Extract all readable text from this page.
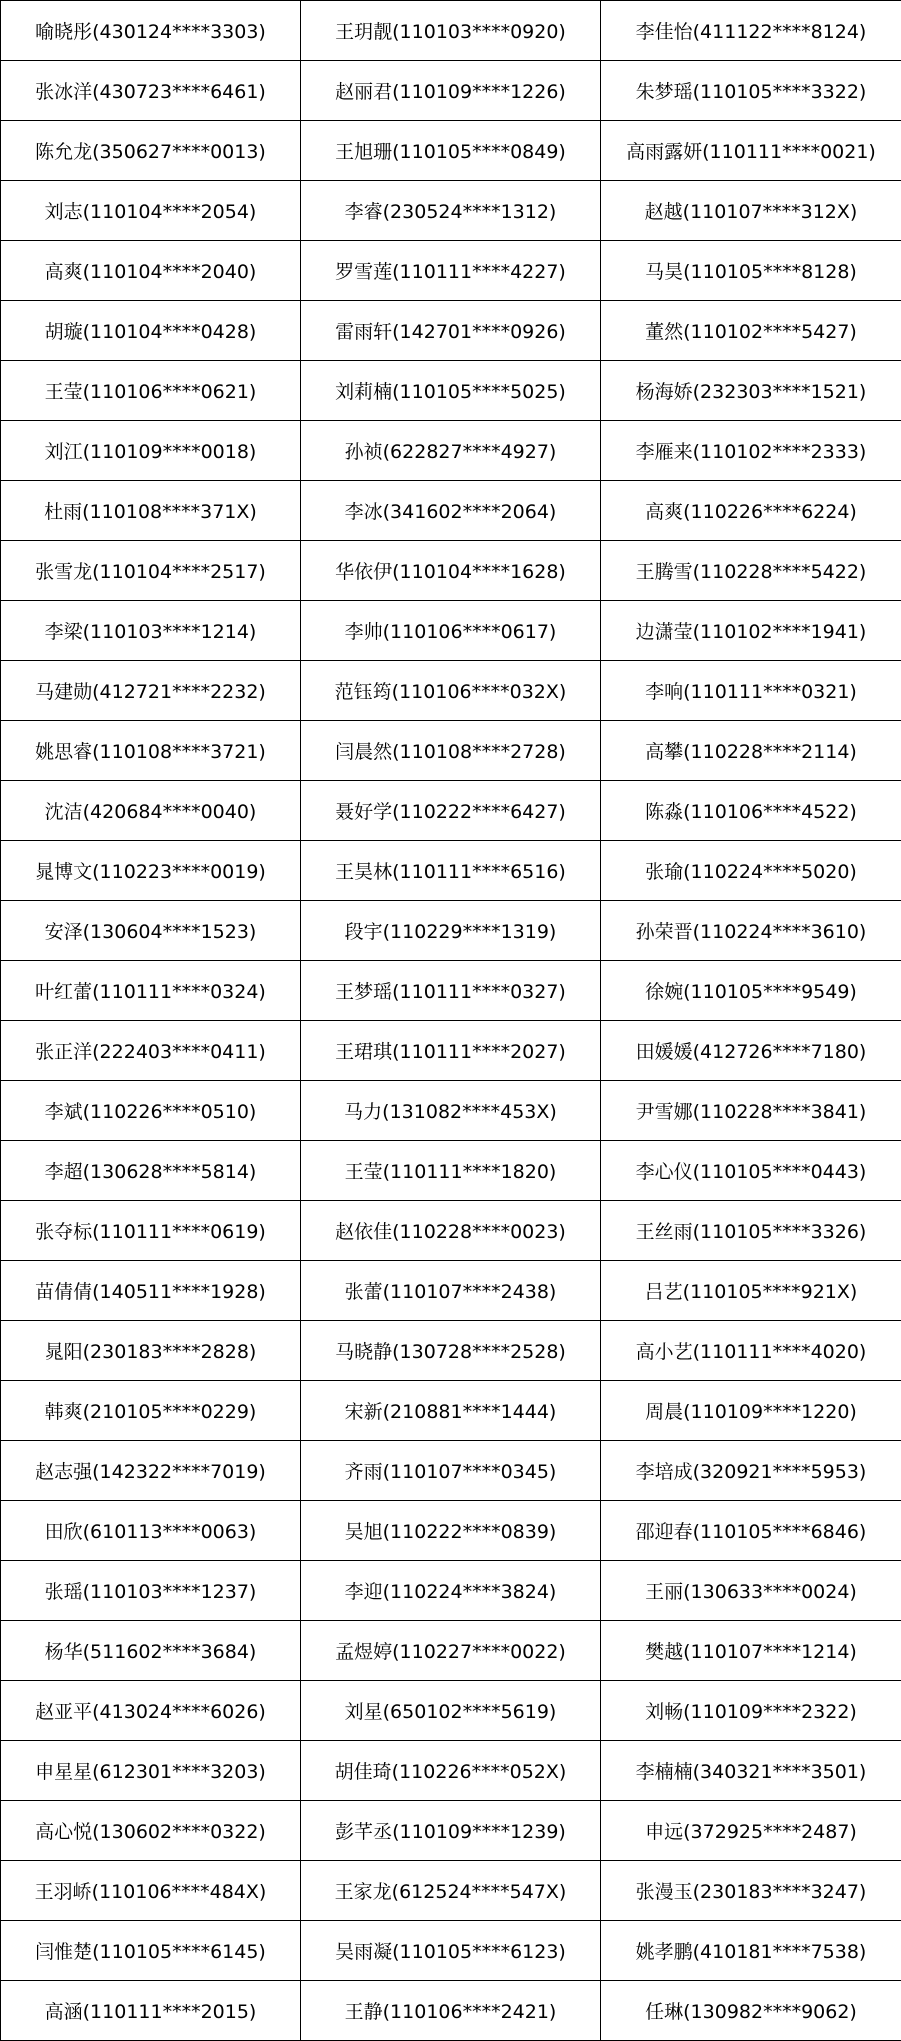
喻晓彤(430124****3303)	王玥靓(110103****0920)	李佳怡(411122****8124)
张冰洋(430723****6461)	赵丽君(110109****1226)	朱梦瑶(110105****3322)
陈允龙(350627****0013)	王旭珊(110105****0849)	高雨露妍(110111****0021)
刘志(110104****2054)	李睿(230524****1312)	赵越(110107****312X)
高爽(110104****2040)	罗雪莲(110111****4227)	马昊(110105****8128)
胡璇(110104****0428)	雷雨轩(142701****0926)	董然(110102****5427)
王莹(110106****0621)	刘莉楠(110105****5025)	杨海娇(232303****1521)
刘江(110109****0018)	孙祯(622827****4927)	李雁来(110102****2333)
杜雨(110108****371X)	李冰(341602****2064)	高爽(110226****6224)
张雪龙(110104****2517)	华依伊(110104****1628)	王腾雪(110228****5422)
李梁(110103****1214)	李帅(110106****0617)	边潇莹(110102****1941)
马建勋(412721****2232)	范钰筠(110106****032X)	李响(110111****0321)
姚思睿(110108****3721)	闫晨然(110108****2728)	高攀(110228****2114)
沈洁(420684****0040)	聂好学(110222****6427)	陈淼(110106****4522)
晁博文(110223****0019)	王昊林(110111****6516)	张瑜(110224****5020)
安泽(130604****1523)	段宇(110229****1319)	孙荣晋(110224****3610)
叶红蕾(110111****0324)	王梦瑶(110111****0327)	徐婉(110105****9549)
张正洋(222403****0411)	王珺琪(110111****2027)	田媛媛(412726****7180)
李斌(110226****0510)	马力(131082****453X)	尹雪娜(110228****3841)
李超(130628****5814)	王莹(110111****1820)	李心仪(110105****0443)
张夺标(110111****0619)	赵依佳(110228****0023)	王丝雨(110105****3326)
苗倩倩(140511****1928)	张蕾(110107****2438)	吕艺(110105****921X)
晁阳(230183****2828)	马晓静(130728****2528)	高小艺(110111****4020)
韩爽(210105****0229)	宋新(210881****1444)	周晨(110109****1220)
赵志强(142322****7019)	齐雨(110107****0345)	李培成(320921****5953)
田欣(610113****0063)	吴旭(110222****0839)	邵迎春(110105****6846)
张瑶(110103****1237)	李迎(110224****3824)	王丽(130633****0024)
杨华(511602****3684)	孟煜婷(110227****0022)	樊越(110107****1214)
赵亚平(413024****6026)	刘星(650102****5619)	刘畅(110109****2322)
申星星(612301****3203)	胡佳琦(110226****052X)	李楠楠(340321****3501)
高心悦(130602****0322)	彭芊丞(110109****1239)	申远(372925****2487)
王羽峤(110106****484X)	王家龙(612524****547X)	张漫玉(230183****3247)
闫惟楚(110105****6145)	吴雨凝(110105****6123)	姚孝鹏(410181****7538)
高涵(110111****2015)	王静(110106****2421)	任琳(130982****9062)
